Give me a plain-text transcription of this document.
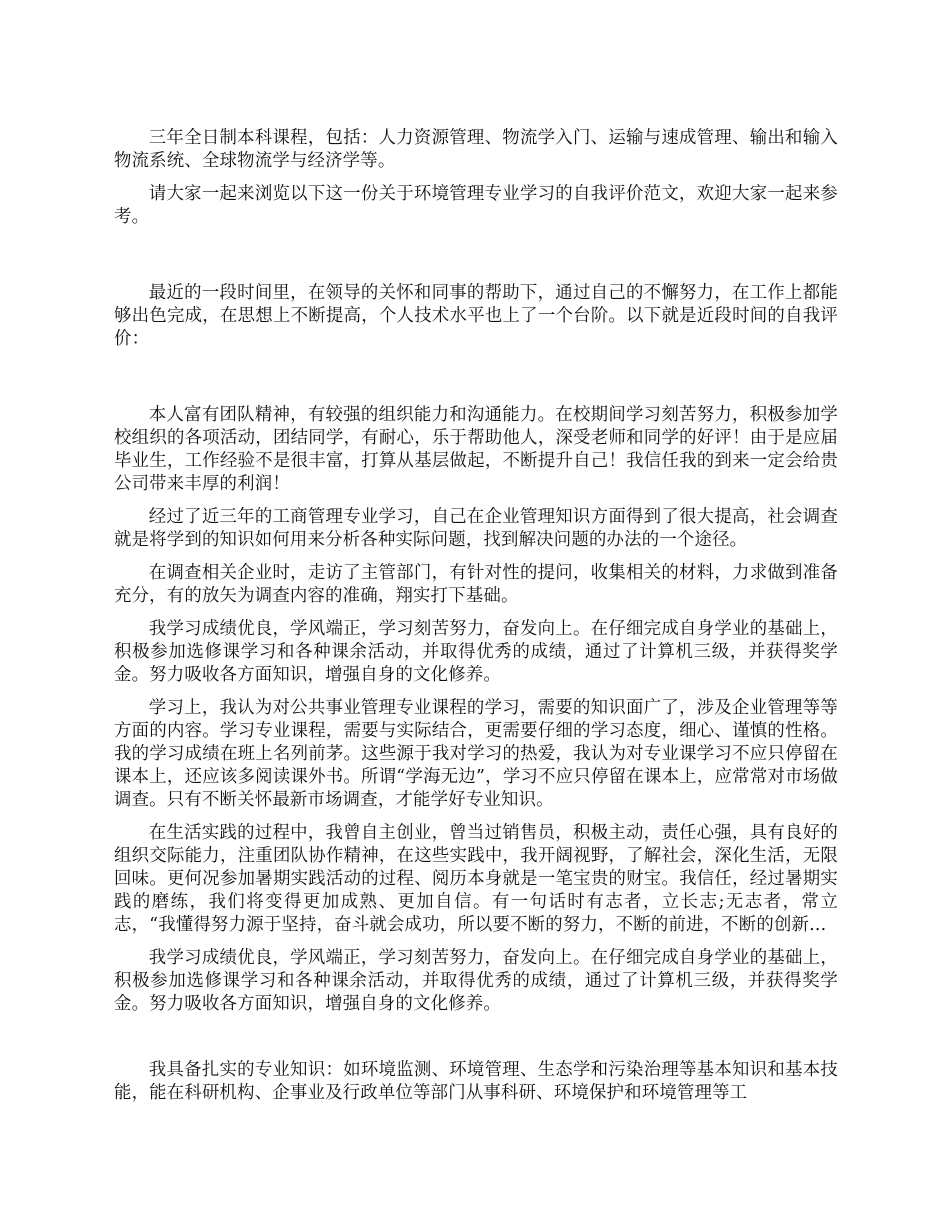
三年全日制本科课程，包括：人力资源管理、物流学入门、运输与速成管理、输出和输入物流系统、全球物流学与经济学等。

请大家一起来浏览以下这一份关于环境管理专业学习的自我评价范文，欢迎大家一起来参考。

最近的一段时间里，在领导的关怀和同事的帮助下，通过自己的不懈努力，在工作上都能够出色完成，在思想上不断提高，个人技术水平也上了一个台阶。以下就是近段时间的自我评价：

本人富有团队精神，有较强的组织能力和沟通能力。在校期间学习刻苦努力，积极参加学校组织的各项活动，团结同学，有耐心，乐于帮助他人，深受老师和同学的好评！由于是应届毕业生，工作经验不是很丰富，打算从基层做起，不断提升自己！我信任我的到来一定会给贵公司带来丰厚的利润！

经过了近三年的工商管理专业学习，自己在企业管理知识方面得到了很大提高，社会调查就是将学到的知识如何用来分析各种实际问题，找到解决问题的办法的一个途径。

在调查相关企业时，走访了主管部门，有针对性的提问，收集相关的材料，力求做到准备充分，有的放矢为调查内容的准确，翔实打下基础。

我学习成绩优良，学风端正，学习刻苦努力，奋发向上。在仔细完成自身学业的基础上，积极参加选修课学习和各种课余活动，并取得优秀的成绩，通过了计算机三级，并获得奖学金。努力吸收各方面知识，增强自身的文化修养。

学习上，我认为对公共事业管理专业课程的学习，需要的知识面广了，涉及企业管理等等方面的内容。学习专业课程，需要与实际结合，更需要仔细的学习态度，细心、谨慎的性格。我的学习成绩在班上名列前茅。这些源于我对学习的热爱，我认为对专业课学习不应只停留在课本上，还应该多阅读课外书。所谓“学海无边”，学习不应只停留在课本上，应常常对市场做调查。只有不断关怀最新市场调查，才能学好专业知识。

在生活实践的过程中，我曾自主创业，曾当过销售员，积极主动，责任心强，具有良好的组织交际能力，注重团队协作精神，在这些实践中，我开阔视野，了解社会，深化生活，无限回味。更何况参加暑期实践活动的过程、阅历本身就是一笔宝贵的财宝。我信任，经过暑期实践的磨练，我们将变得更加成熟、更加自信。有一句话时有志者，立长志;无志者，常立志，“我懂得努力源于坚持，奋斗就会成功，所以要不断的努力，不断的前进，不断的创新...

我学习成绩优良，学风端正，学习刻苦努力，奋发向上。在仔细完成自身学业的基础上，积极参加选修课学习和各种课余活动，并取得优秀的成绩，通过了计算机三级，并获得奖学金。努力吸收各方面知识，增强自身的文化修养。

我具备扎实的专业知识：如环境监测、环境管理、生态学和污染治理等基本知识和基本技能，能在科研机构、企事业及行政单位等部门从事科研、环境保护和环境管理等工
